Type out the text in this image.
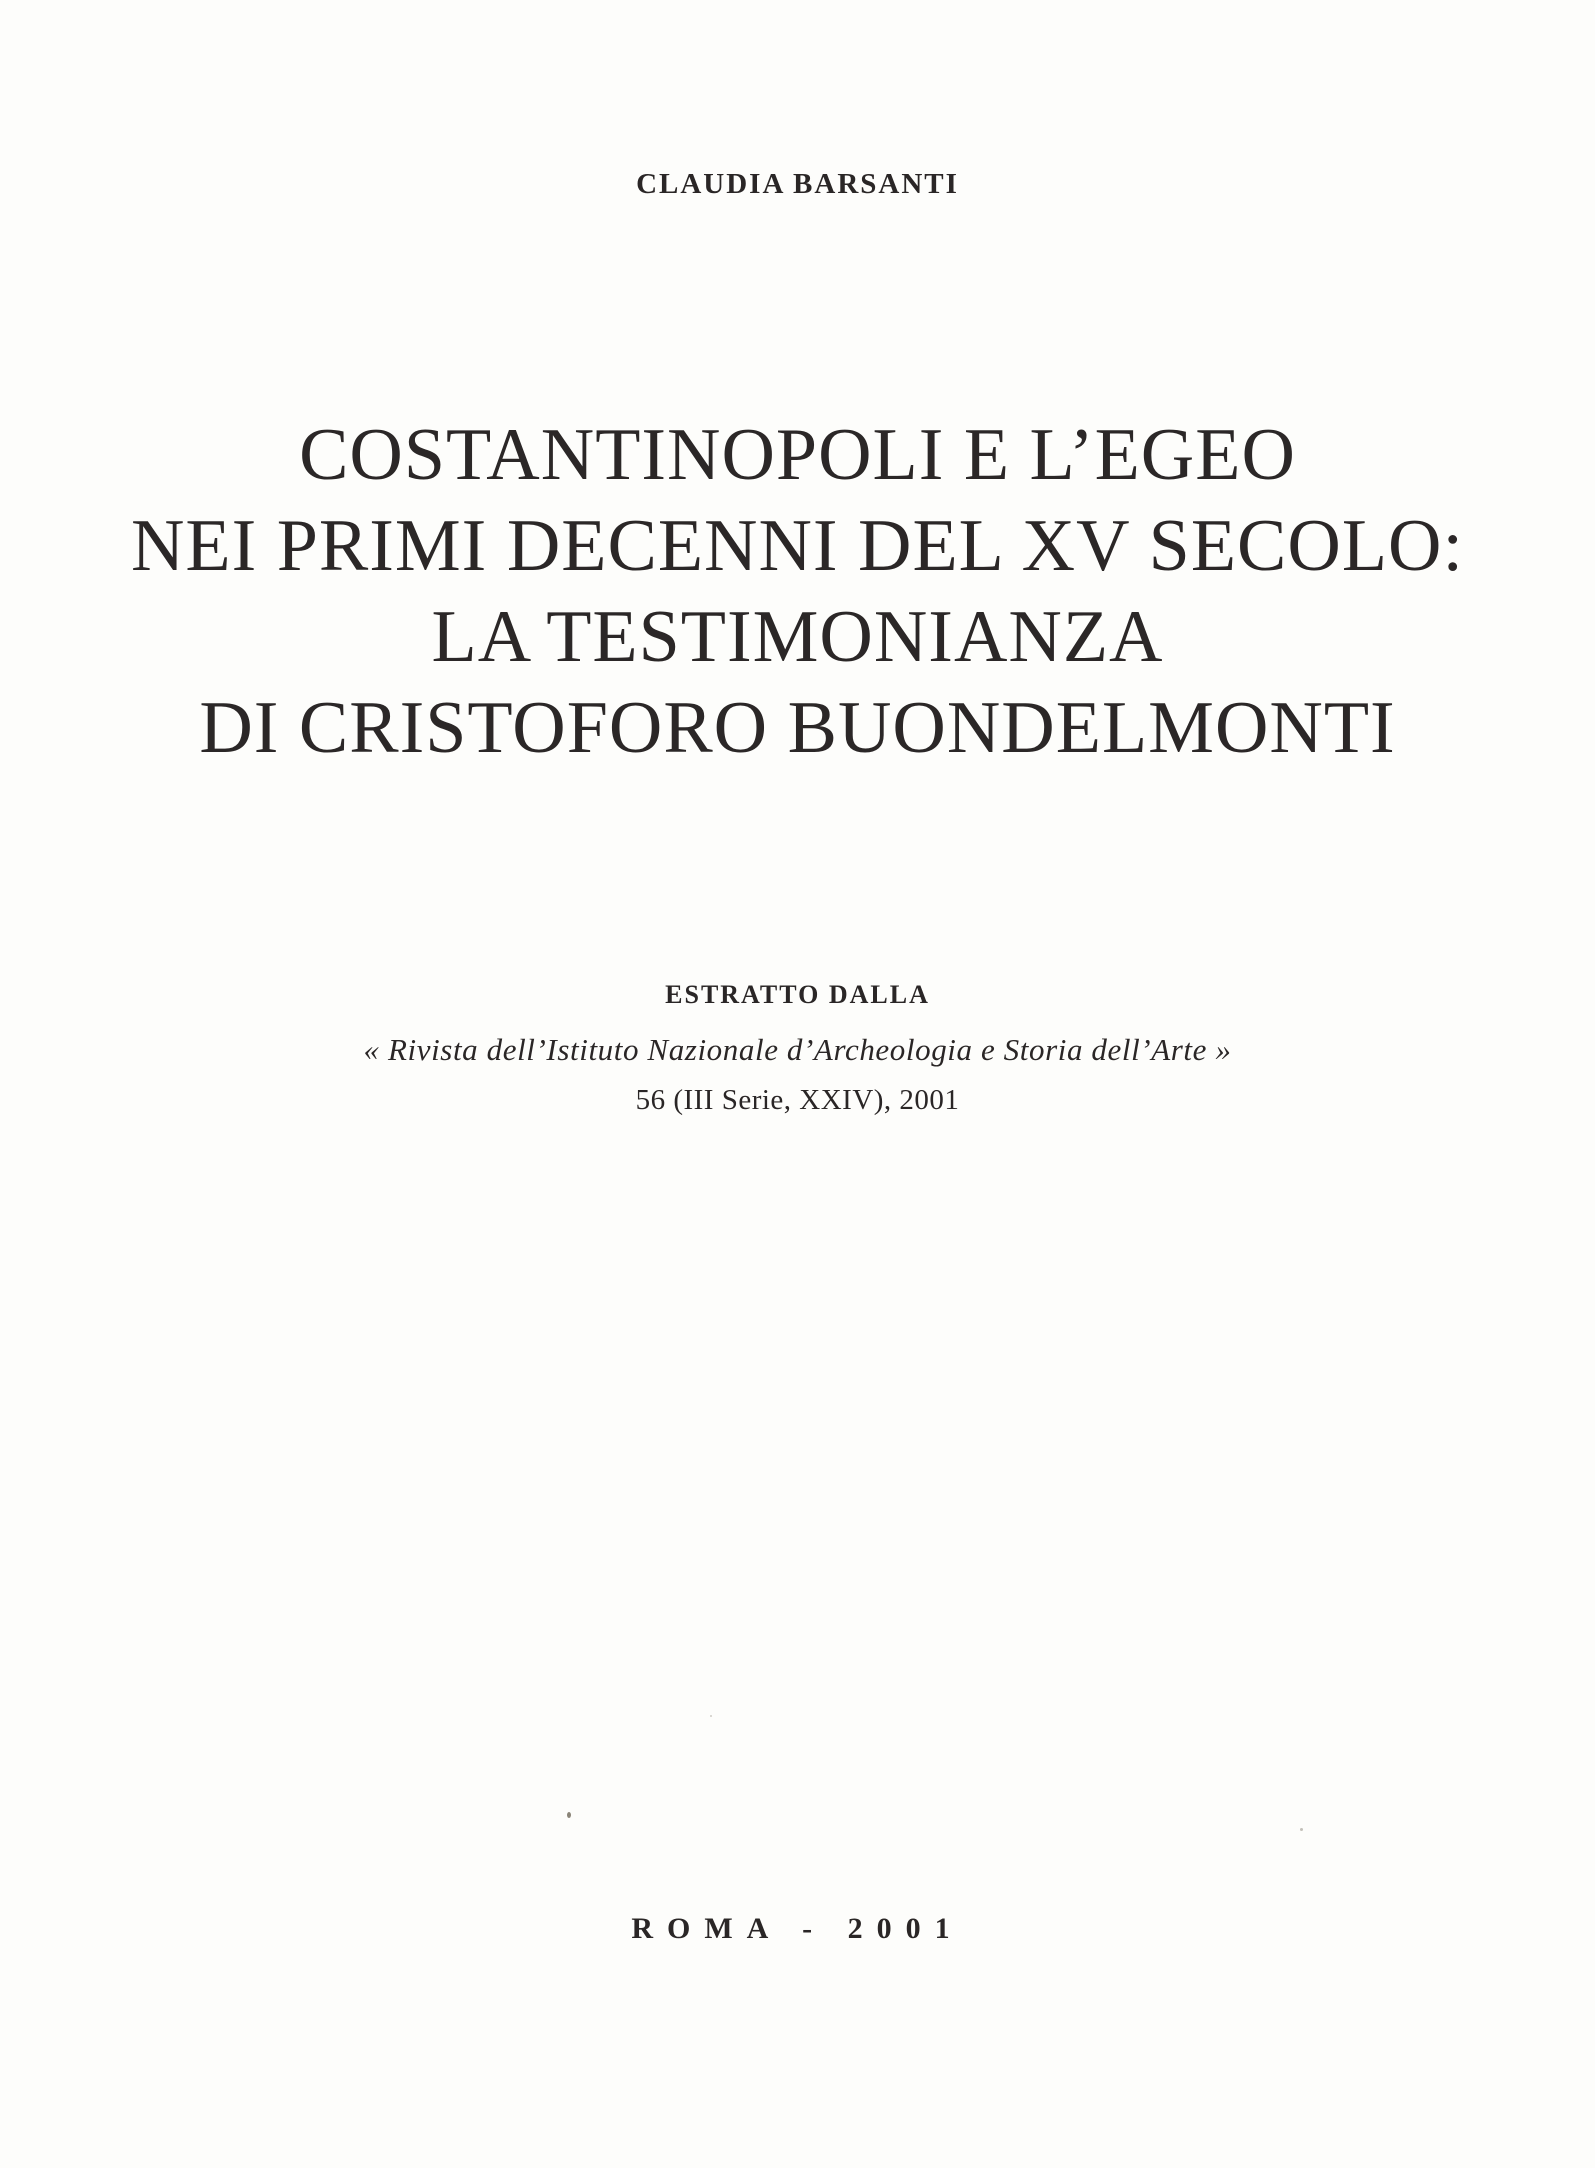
CLAUDIA BARSANTI
COSTANTINOPOLI E L’EGEO
NEI PRIMI DECENNI DEL XV SECOLO:
LA TESTIMONIANZA
DI CRISTOFORO BUONDELMONTI
ESTRATTO DALLA
« Rivista dell’Istituto Nazionale d’Archeologia e Storia dell’Arte »
56 (III Serie, XXIV), 2001
ROMA - 2001
